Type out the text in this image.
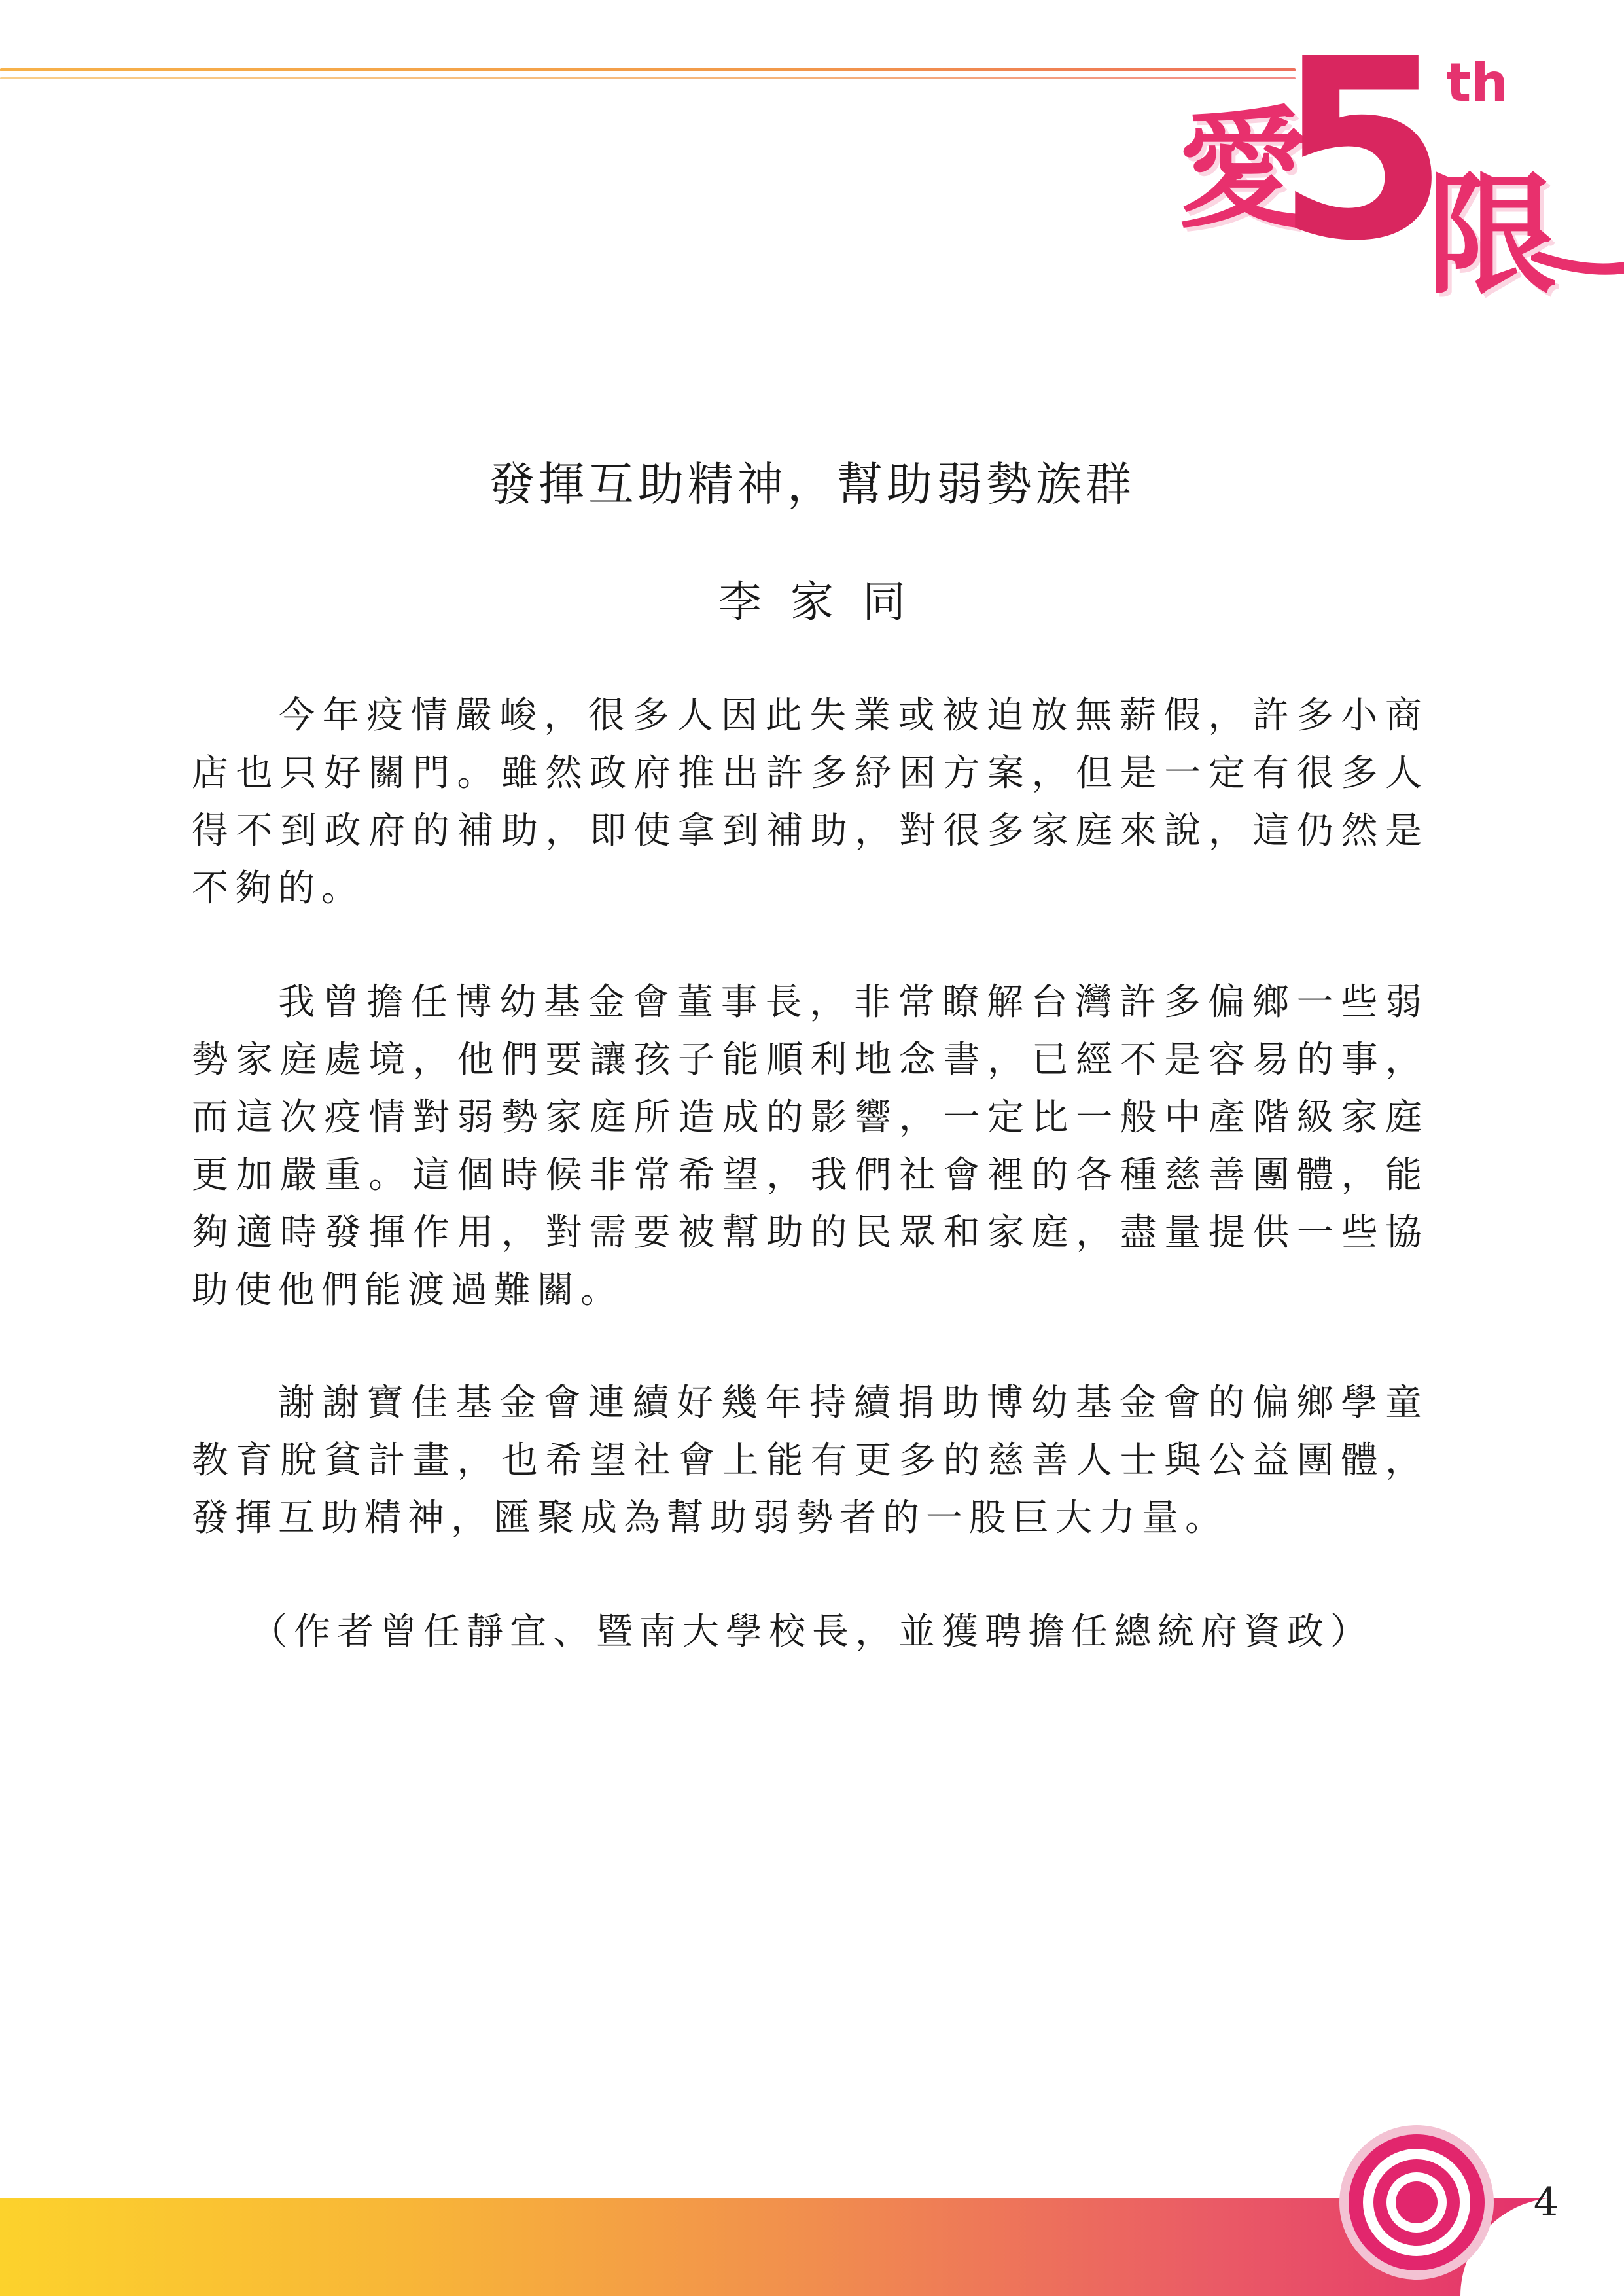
愛
5
th
限
發揮互助精神，幫助弱勢族群
李家同

今年疫情嚴峻，很多人因此失業或被迫放無薪假，許多小商店也只好關門。雖然政府推出許多紓困方案，但是一定有很多人得不到政府的補助，即使拿到補助，對很多家庭來說，這仍然是不夠的。

我曾擔任博幼基金會董事長，非常瞭解台灣許多偏鄉一些弱勢家庭處境，他們要讓孩子能順利地念書，已經不是容易的事，而這次疫情對弱勢家庭所造成的影響，一定比一般中產階級家庭更加嚴重。這個時候非常希望，我們社會裡的各種慈善團體，能夠適時發揮作用，對需要被幫助的民眾和家庭，盡量提供一些協助使他們能渡過難關。

謝謝寶佳基金會連續好幾年持續捐助博幼基金會的偏鄉學童教育脫貧計畫，也希望社會上能有更多的慈善人士與公益團體，發揮互助精神，匯聚成為幫助弱勢者的一股巨大力量。

（作者曾任靜宜、暨南大學校長，並獲聘擔任總統府資政）
4
